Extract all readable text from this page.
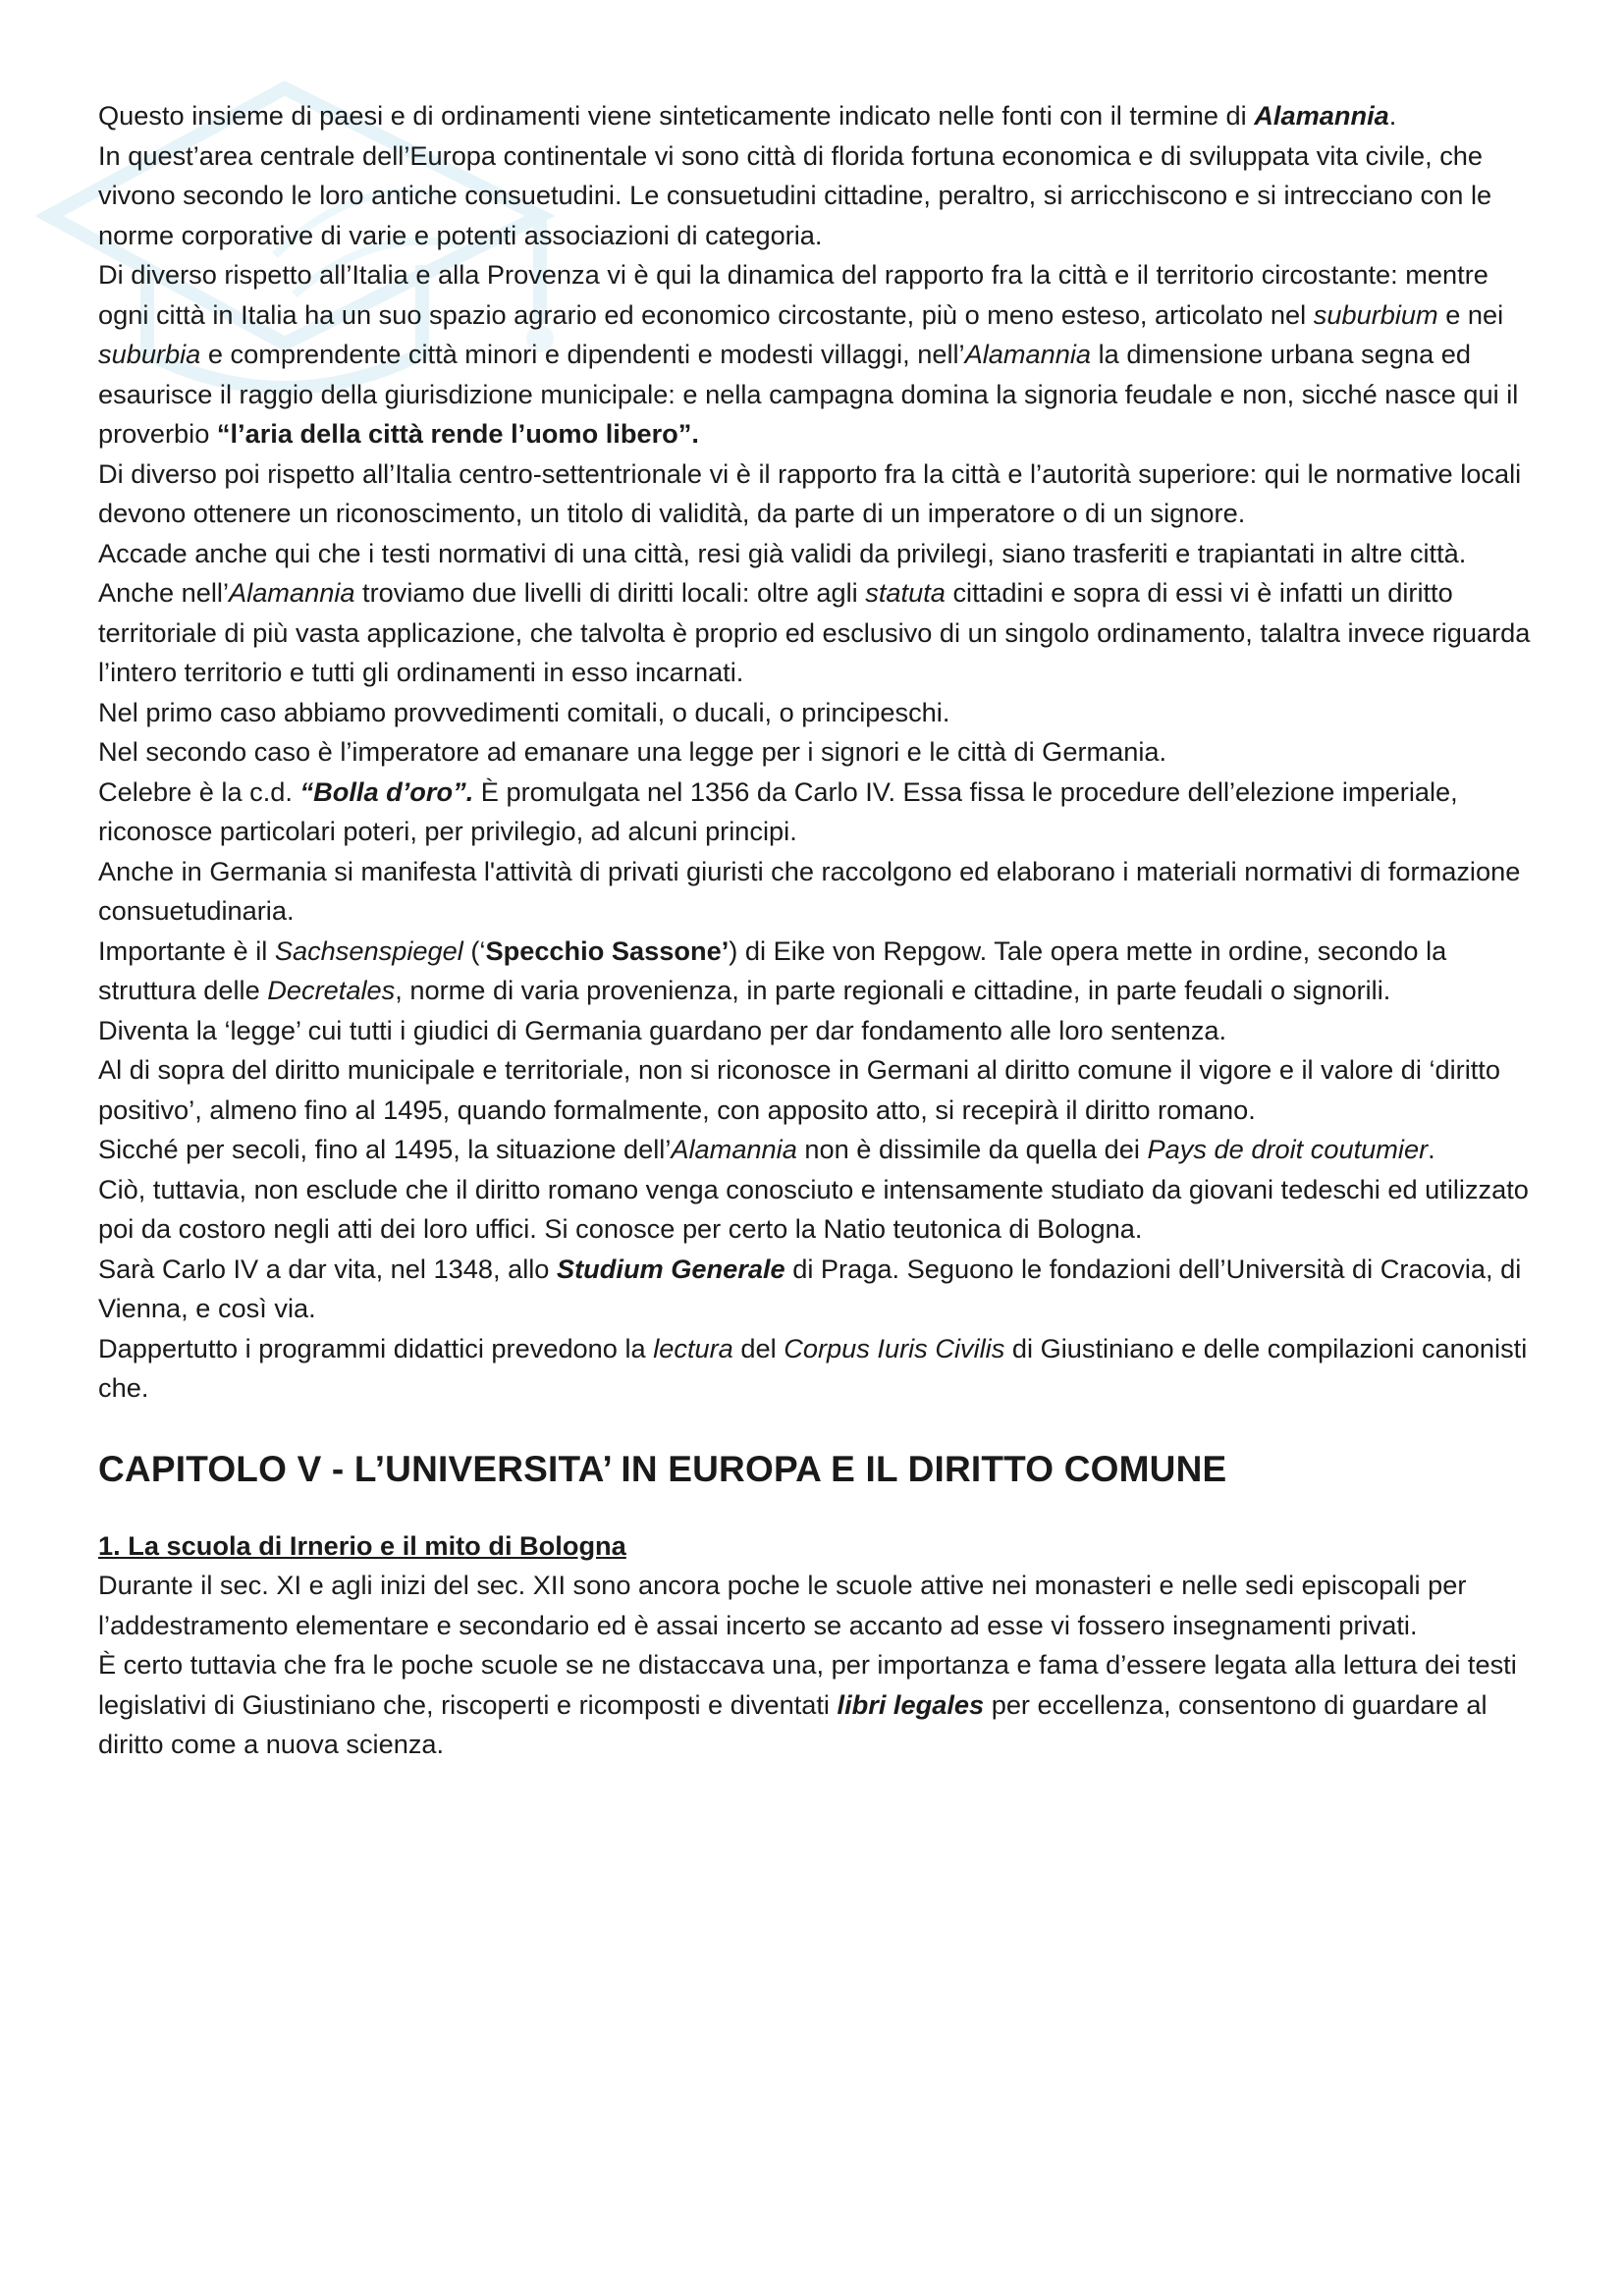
Questo insieme di paesi e di ordinamenti viene sinteticamente indicato nelle fonti con il termine di Alamannia.

In quest’area centrale dell’Europa continentale vi sono città di florida fortuna economica e di sviluppata vita civile, che vivono secondo le loro antiche consuetudini. Le consuetudini cittadine, peraltro, si arricchiscono e si intrecciano con le norme corporative di varie e potenti associazioni di categoria.

Di diverso rispetto all’Italia e alla Provenza vi è qui la dinamica del rapporto fra la città e il territorio circostante: mentre ogni città in Italia ha un suo spazio agrario ed economico circostante, più o meno esteso, articolato nel suburbium e nei suburbia e comprendente città minori e dipendenti e modesti villaggi, nell’Alamannia la dimensione urbana segna ed esaurisce il raggio della giurisdizione municipale: e nella campagna domina la signoria feudale e non, sicché nasce qui il proverbio “l’aria della città rende l’uomo libero”.

Di diverso poi rispetto all’Italia centro-settentrionale vi è il rapporto fra la città e l’autorità superiore: qui le normative locali devono ottenere un riconoscimento, un titolo di validità, da parte di un imperatore o di un signore.

Accade anche qui che i testi normativi di una città, resi già validi da privilegi, siano trasferiti e trapiantati in altre città.

Anche nell’Alamannia troviamo due livelli di diritti locali: oltre agli statuta cittadini e sopra di essi vi è infatti un diritto territoriale di più vasta applicazione, che talvolta è proprio ed esclusivo di un singolo ordinamento, talaltra invece riguarda l’intero territorio e tutti gli ordinamenti in esso incarnati.

Nel primo caso abbiamo provvedimenti comitali, o ducali, o principeschi.

Nel secondo caso è l’imperatore ad emanare una legge per i signori e le città di Germania.

Celebre è la c.d. “Bolla d’oro”. È promulgata nel 1356 da Carlo IV. Essa fissa le procedure dell’elezione imperiale, riconosce particolari poteri, per privilegio, ad alcuni principi.

Anche in Germania si manifesta l'attività di privati giuristi che raccolgono ed elaborano i materiali normativi di formazione consuetudinaria.

Importante è il Sachsenspiegel (‘Specchio Sassone’) di Eike von Repgow. Tale opera mette in ordine, secondo la struttura delle Decretales, norme di varia provenienza, in parte regionali e cittadine, in parte feudali o signorili.

Diventa la ‘legge’ cui tutti i giudici di Germania guardano per dar fondamento alle loro sentenza.

Al di sopra del diritto municipale e territoriale, non si riconosce in Germani al diritto comune il vigore e il valore di ‘diritto positivo’, almeno fino al 1495, quando formalmente, con apposito atto, si recepirà il diritto romano.

Sicché per secoli, fino al 1495, la situazione dell’Alamannia non è dissimile da quella dei Pays de droit coutumier.

Ciò, tuttavia, non esclude che il diritto romano venga conosciuto e intensamente studiato da giovani tedeschi ed utilizzato poi da costoro negli atti dei loro uffici. Si conosce per certo la Natio teutonica di Bologna.

Sarà Carlo IV a dar vita, nel 1348, allo Studium Generale di Praga. Seguono le fondazioni dell’Università di Cracovia, di Vienna, e così via.

Dappertutto i programmi didattici prevedono la lectura del Corpus Iuris Civilis di Giustiniano e delle compilazioni canonisti che.

CAPITOLO V - L’UNIVERSITA’ IN EUROPA E IL DIRITTO COMUNE
1. La scuola di Irnerio e il mito di Bologna

Durante il sec. XI e agli inizi del sec. XII sono ancora poche le scuole attive nei monasteri e nelle sedi episcopali per l’addestramento elementare e secondario ed è assai incerto se accanto ad esse vi fossero insegnamenti privati.

È certo tuttavia che fra le poche scuole se ne distaccava una, per importanza e fama d’essere legata alla lettura dei testi legislativi di Giustiniano che, riscoperti e ricomposti e diventati libri legales per eccellenza, consentono di guardare al diritto come a nuova scienza.
